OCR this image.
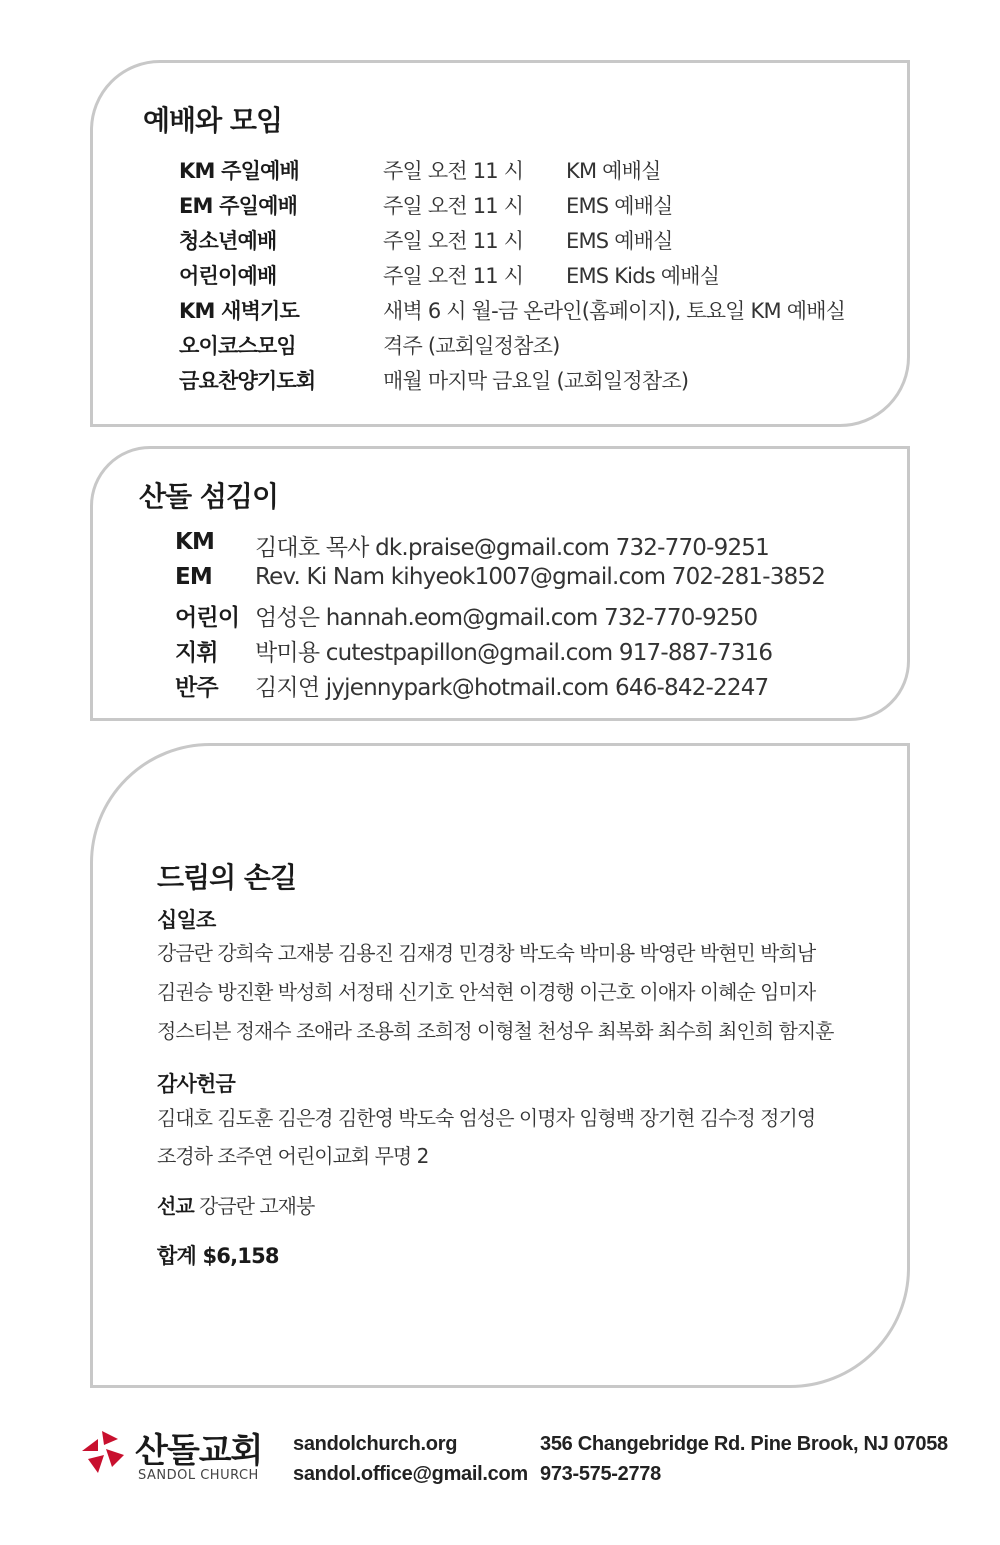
예배와 모임
KM 주일예배	주일 오전 11 시 KM 예배실
EM 주일예배	주일 오전 11 시 EMS 예배실
청소년예배	주일 오전 11 시 EMS 예배실
어린이예배	주일 오전 11 시 EMS Kids 예배실
KM 새벽기도	새벽 6 시 월-금 온라인(홈페이지), 토요일 KM 예배실
오이코스모임	격주 (교회일정참조)
금요찬양기도회	매월 마지막 금요일 (교회일정참조)
산돌 섬김이
KM 김대호 목사 dk.praise@gmail.com 732-770-9251
EM Rev. Ki Nam kihyeok1007@gmail.com 702-281-3852
어린이 엄성은 hannah.eom@gmail.com 732-770-9250
지휘 박미용 cutestpapillon@gmail.com 917-887-7316
반주 김지연 jyjennypark@hotmail.com 646-842-2247
드림의 손길
십일조
강금란 강희숙 고재붕 김용진 김재경 민경창 박도숙 박미용 박영란 박현민 박희남
김권승 방진환 박성희 서정태 신기호 안석현 이경행 이근호 이애자 이혜순 임미자
정스티븐 정재수 조애라 조용희 조희정 이형철 천성우 최복화 최수희 최인희 함지훈
감사헌금
김대호 김도훈 김은경 김한영 박도숙 엄성은 이명자 임형백 장기현 김수정 정기영
조경하 조주연 어린이교회 무명 2
선교 강금란 고재붕
합계 $6,158
산돌교회
SANDOL CHURCH
sandolchurch.org
sandol.office@gmail.com
356 Changebridge Rd. Pine Brook, NJ 07058
973-575-2778
